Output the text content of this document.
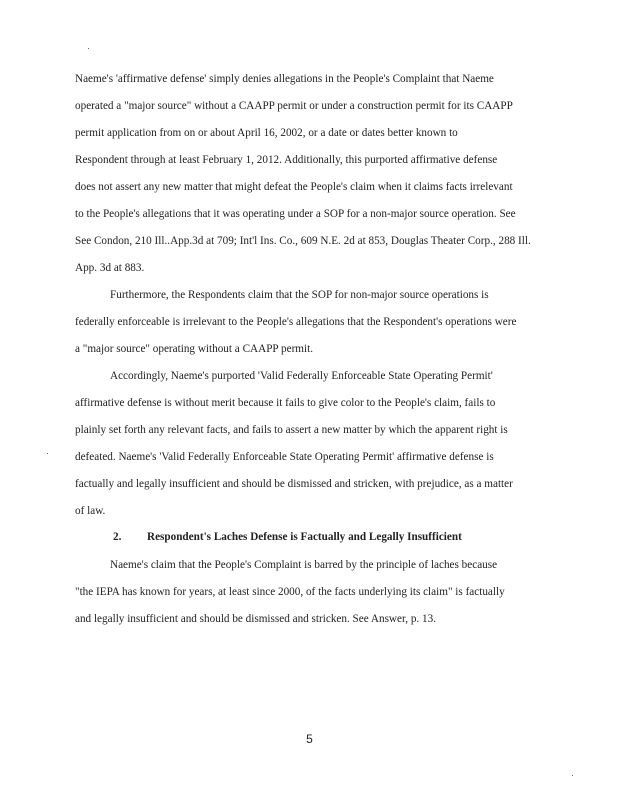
Naeme's 'affirmative defense' simply denies allegations in the People's Complaint that Naeme
operated a "major source" without a CAAPP permit or under a construction permit for its CAAPP
permit application from on or about April 16, 2002, or a date or dates better known to
Respondent through at least February 1, 2012. Additionally, this purported affirmative defense
does not assert any new matter that might defeat the People's claim when it claims facts irrelevant
to the People's allegations that it was operating under a SOP for a non-major source operation. See
See Condon, 210 Ill..App.3d at 709; Int'l Ins. Co., 609 N.E. 2d at 853, Douglas Theater Corp., 288 Ill.
App. 3d at 883.
Furthermore, the Respondents claim that the SOP for non-major source operations is
federally enforceable is irrelevant to the People's allegations that the Respondent's operations were
a "major source" operating without a CAAPP permit.
Accordingly, Naeme's purported 'Valid Federally Enforceable State Operating Permit'
affirmative defense is without merit because it fails to give color to the People's claim, fails to
plainly set forth any relevant facts, and fails to assert a new matter by which the apparent right is
defeated. Naeme's 'Valid Federally Enforceable State Operating Permit' affirmative defense is
factually and legally insufficient and should be dismissed and stricken, with prejudice, as a matter
of law.
2. Respondent's Laches Defense is Factually and Legally Insufficient
Naeme's claim that the People's Complaint is barred by the principle of laches because
"the IEPA has known for years, at least since 2000, of the facts underlying its claim" is factually
and legally insufficient and should be dismissed and stricken. See Answer, p. 13.
5
